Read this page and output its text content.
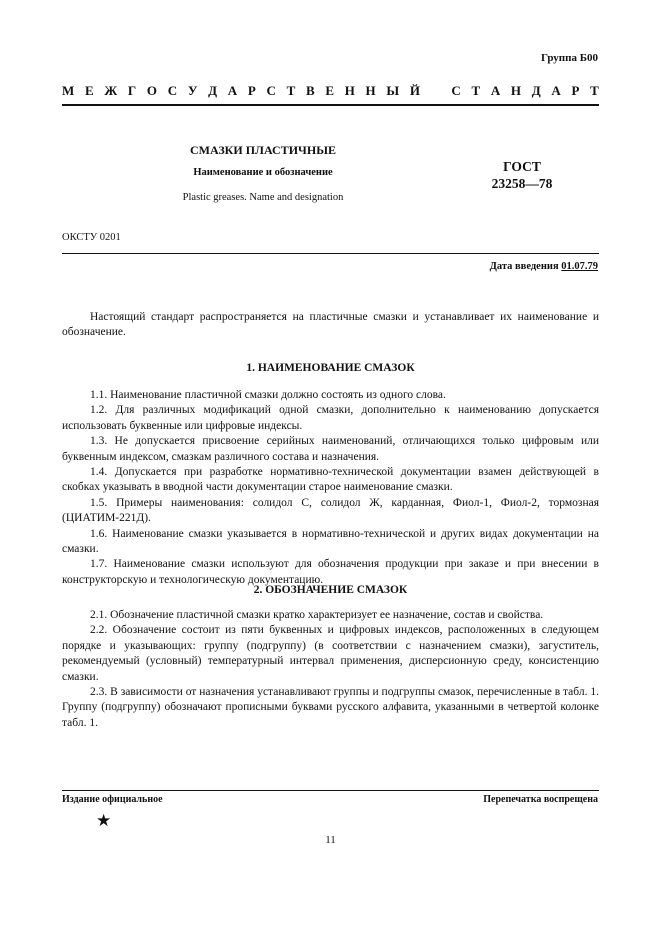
Группа Б00
М Е Ж Г О С У Д А Р С Т В Е Н Н Ы Й С Т А Н Д А Р Т
СМАЗКИ ПЛАСТИЧНЫЕ
Наименование и обозначение
Plastic greases. Name and designation
ГОСТ
23258—78
ОКСТУ 0201
Дата введения 01.07.79

Настоящий стандарт распространяется на пластичные смазки и устанавливает их наименование и обозначение.

1. НАИМЕНОВАНИЕ СМАЗОК

1.1. Наименование пластичной смазки должно состоять из одного слова.

1.2. Для различных модификаций одной смазки, дополнительно к наименованию допускается использовать буквенные или цифровые индексы.

1.3. Не допускается присвоение серийных наименований, отличающихся только цифровым или буквенным индексом, смазкам различного состава и назначения.

1.4. Допускается при разработке нормативно-технической документации взамен действующей в скобках указывать в вводной части документации старое наименование смазки.

1.5. Примеры наименования: солидол С, солидол Ж, карданная, Фиол-1, Фиол-2, тормозная (ЦИАТИМ-221Д).

1.6. Наименование смазки указывается в нормативно-технической и других видах документации на смазки.

1.7. Наименование смазки используют для обозначения продукции при заказе и при внесении в конструкторскую и технологическую документацию.

2. ОБОЗНАЧЕНИЕ СМАЗОК

2.1. Обозначение пластичной смазки кратко характеризует ее назначение, состав и свойства.

2.2. Обозначение состоит из пяти буквенных и цифровых индексов, расположенных в следующем порядке и указывающих: группу (подгруппу) (в соответствии с назначением смазки), загуститель, рекомендуемый (условный) температурный интервал применения, дисперсионную среду, консистенцию смазки.

2.3. В зависимости от назначения устанавливают группы и подгруппы смазок, перечисленные в табл. 1. Группу (подгруппу) обозначают прописными буквами русского алфавита, указанными в четвертой колонке табл. 1.

Издание официальное	Перепечатка воспрещена
★
11
